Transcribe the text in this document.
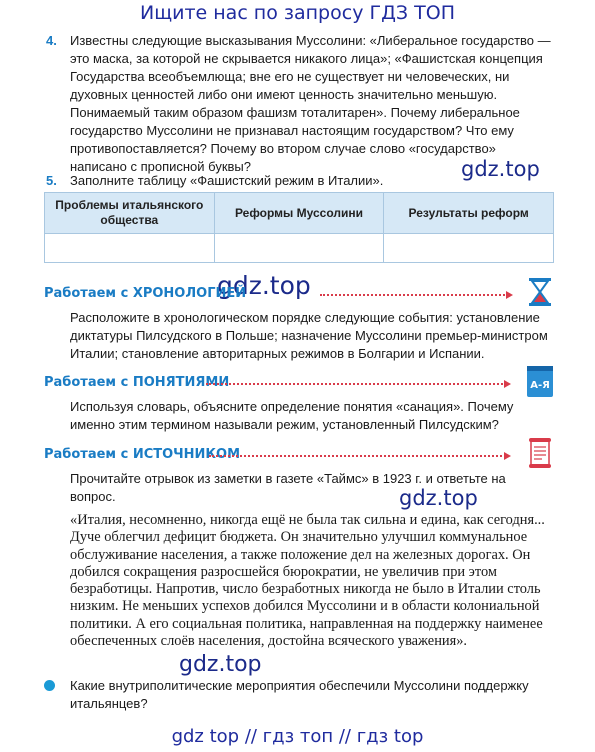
Ищите нас по запросу ГДЗ ТОП
4. Известны следующие высказывания Муссолини: «Либеральное государство — это маска, за которой не скрывается никакого лица»; «Фашистская концепция Государства всеобъемлюща; вне его не существует ни человеческих, ни духовных ценностей либо они имеют ценность значительно меньшую. Понимаемый таким образом фашизм тоталитарен». Почему либеральное государство Муссолини не признавал настоящим государством? Что ему противопоставляется? Почему во втором случае слово «государство» написано с прописной буквы?	gdz.top
5. Заполните таблицу «Фашистский режим в Италии».

Проблемы итальянского общества	Реформы Муссолини	Результаты реформ

gdz.top
Работаем с ХРОНОЛОГИЕЙ

Расположите в хронологическом порядке следующие события: установление диктатуры Пилсудского в Польше; назначение Муссолини премьер-министром Италии; становление авторитарных режимов в Болгарии и Испании.

Работаем с ПОНЯТИЯМИ	А-Я

Используя словарь, объясните определение понятия «санация». Почему именно этим термином называли режим, установленный Пилсудским?

Работаем с ИСТОЧНИКОМ

Прочитайте отрывок из заметки в газете «Таймс» в 1923 г. и ответьте на вопрос.	gdz.top

«Италия, несомненно, никогда ещё не была так сильна и едина, как сегодня... Дуче облегчил дефицит бюджета. Он значительно улучшил коммунальное обслуживание населения, а также положение дел на железных дорогах. Он добился сокращения разросшейся бюрократии, не увеличив при этом безработицы. Напротив, число безработных никогда не было в Италии столь низким. Не меньших успехов добился Муссолини и в области колониальной политики. А его социальная политика, направленная на поддержку наименее обеспеченных слоёв населения, достойна всяческого уважения».

gdz.top

Какие внутриполитические мероприятия обеспечили Муссолини поддержку итальянцев?

gdz top // гдз топ // гдз top
